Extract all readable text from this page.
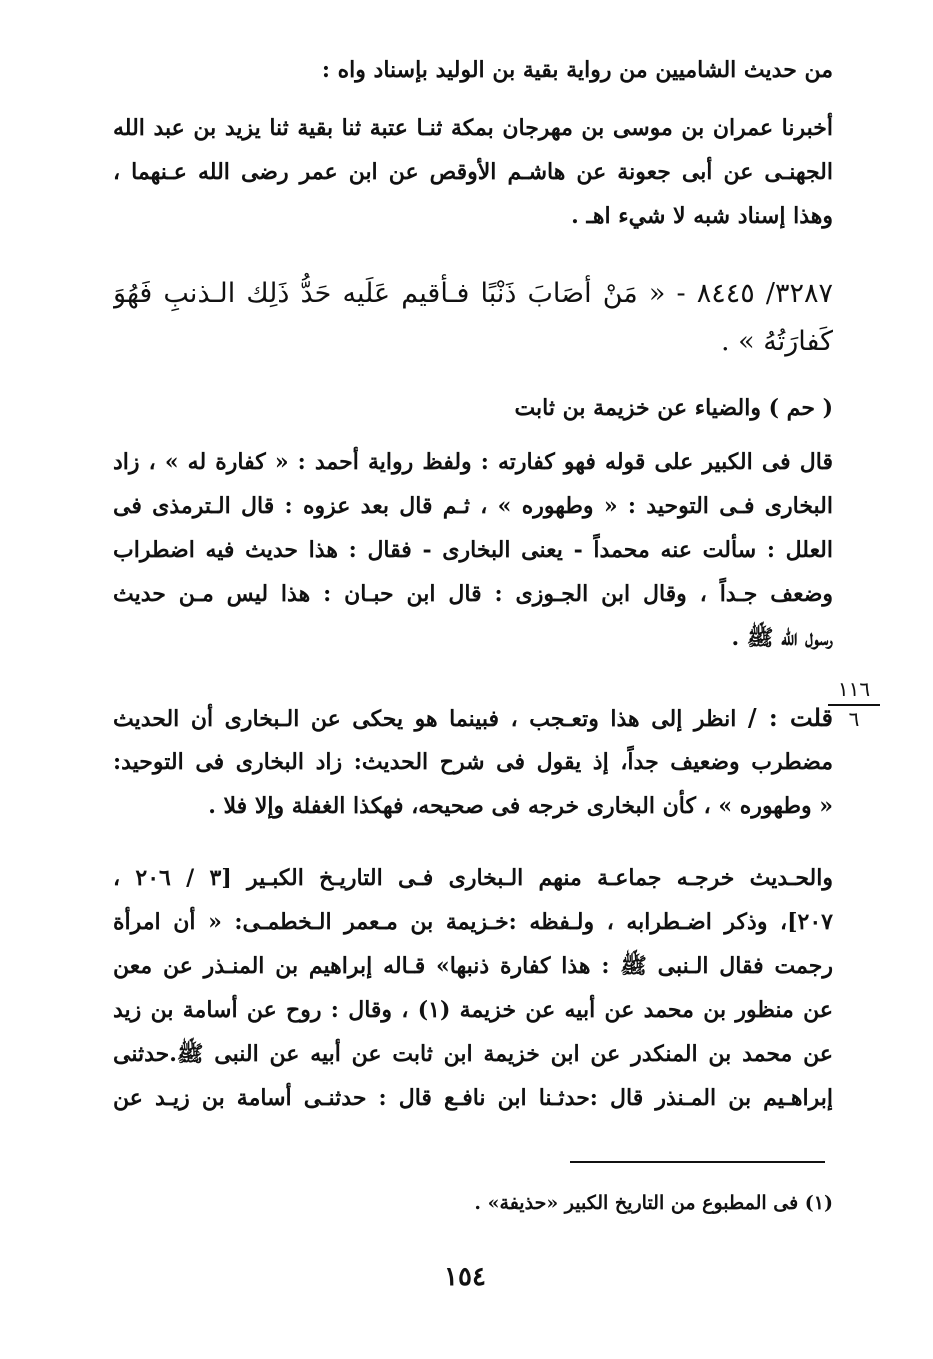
من حديث الشاميين من رواية بقية بن الوليد بإسناد واه :
أخبرنا عمران بن موسى بن مهرجان بمكة ثنـا عتبة ثنا بقية ثنا يزيد بن عبد الله
الجهنـى عن أبى جعونة عن هاشـم الأوقص عن ابن عمر رضى الله عـنهما ،
وهذا إسناد شبه لا شيء اهـ .
٣٢٨٧/ ٨٤٤٥ - « مَنْ أصَابَ ذَنْبًا فـأقيم عَلَيه حَدُّ ذَلِك الـذنبِ فَهُوَ
كَفارَتُهُ » .
( حم ) والضياء عن خزيمة بن ثابت
قال فى الكبير على قوله فهو كفارته : ولفظ رواية أحمد : « كفارة له » ، زاد
البخارى فـى التوحيد : « وطهوره » ، ثـم قال بعد عزوه : قال الـترمذى فى
العلل : سألت عنه محمداً - يعنى البخارى - فقال : هذا حديث فيه اضطراب
وضعف جـداً ، وقال ابن الجـوزى : قال ابن حبـان : هذا ليس مـن حديث
رسول الله ﷺ .
١١٦
٦
قلت : / انظر إلى هذا وتعـجب ، فبينما هو يحكى عن الـبخارى أن الحديث
مضطرب وضعيف جداً، إذ يقول فى شرح الحديث: زاد البخارى فى التوحيد:
« وطهوره » ، كأن البخارى خرجه فى صحيحه، فهكذا الغفلة وإلا فلا .
والحـديث خرجـه جماعـة منهم الـبخارى فـى التاريـخ الكبـير [٣ / ٢٠٦ ،
٢٠٧]، وذكر اضـطرابه ، ولـفظه :خـزيمة بن مـعمر الـخطمـى: « أن امرأة
رجمت فقال الـنبى ﷺ : هذا كفارة ذنبها» قـاله إبراهيم بن المنـذر عن معن
عن منظور بن محمد عن أبيه عن خزيمة (١) ، وقال : روح عن أسامة بن زيد
عن محمد بن المنكدر عن ابن خزيمة ابن ثابت عن أبيه عن النبى ﷺ.حدثنى
إبراهـيم بن المـنذر قال :حدثـنا ابن نافـع قال : حدثنـى أسامة بن زيـد عن
(١) فى المطبوع من التاريخ الكبير «حذيفة» .
١٥٤
